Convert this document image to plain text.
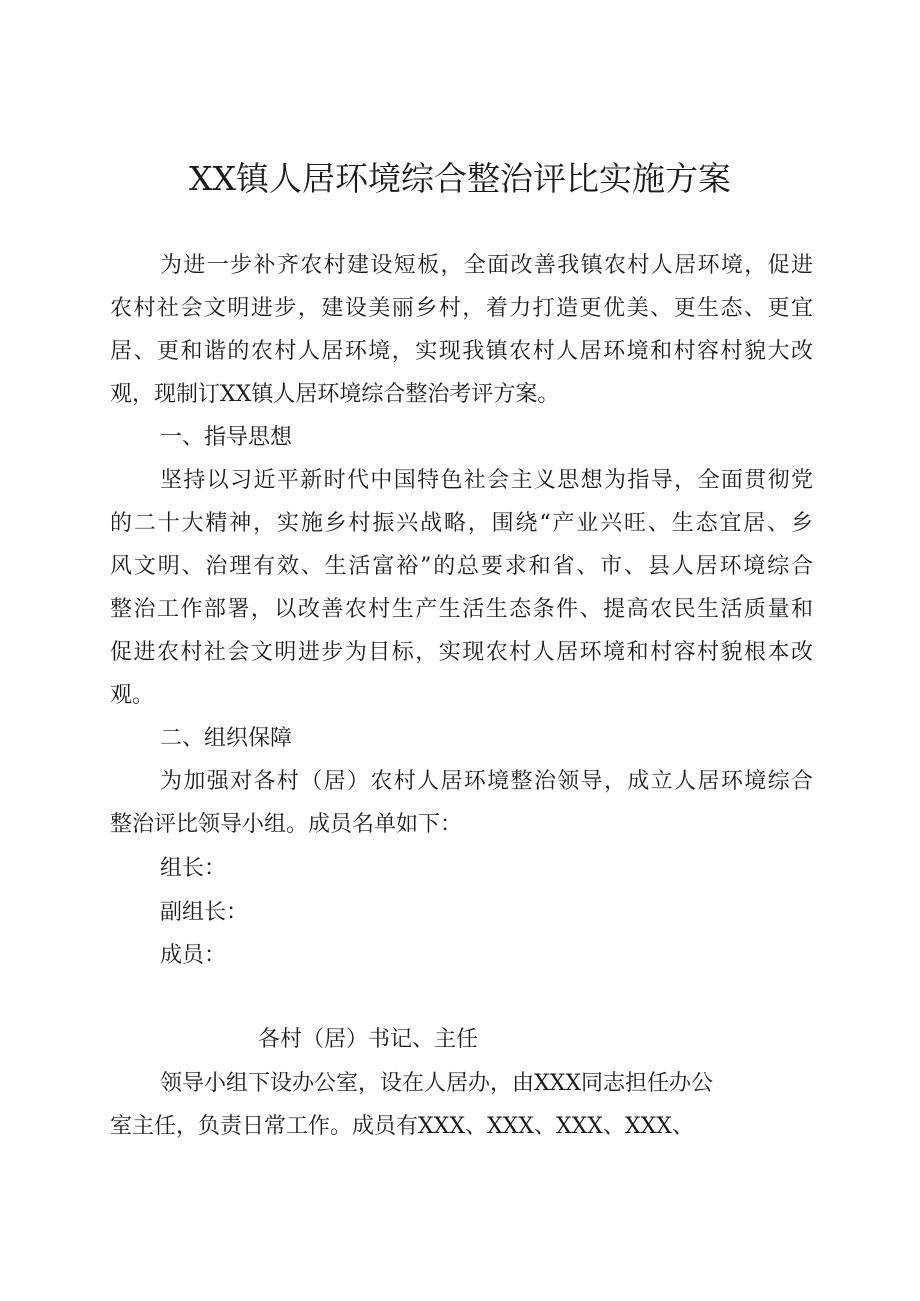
XX镇人居环境综合整治评比实施方案

为进一步补齐农村建设短板，全面改善我镇农村人居环境，促进

农村社会文明进步，建设美丽乡村，着力打造更优美、更生态、更宜

居、更和谐的农村人居环境，实现我镇农村人居环境和村容村貌大改

观，现制订XX镇人居环境综合整治考评方案。

一、指导思想

坚持以习近平新时代中国特色社会主义思想为指导，全面贯彻党

的二十大精神，实施乡村振兴战略，围绕“产业兴旺、生态宜居、乡

风文明、治理有效、生活富裕”的总要求和省、市、县人居环境综合

整治工作部署，以改善农村生产生活生态条件、提高农民生活质量和

促进农村社会文明进步为目标，实现农村人居环境和村容村貌根本改

观。

二、组织保障

为加强对各村（居）农村人居环境整治领导，成立人居环境综合

整治评比领导小组。成员名单如下：

组长：

副组长：

成员：

各村（居）书记、主任

领导小组下设办公室，设在人居办，由XXX同志担任办公

室主任，负责日常工作。成员有XXX、XXX、XXX、XXX、
